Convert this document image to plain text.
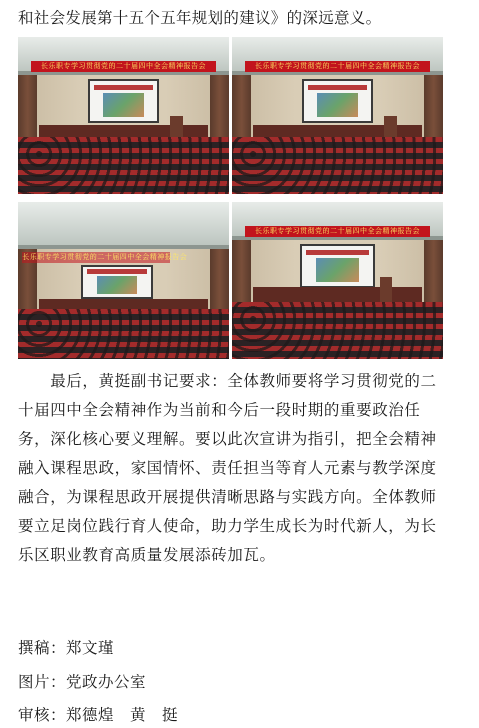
和社会发展第十五个五年规划的建议》的深远意义。
长乐职专学习贯彻党的二十届四中全会精神报告会	长乐职专学习贯彻党的二十届四中全会精神报告会
长乐职专学习贯彻党的二十届四中全会精神报告会
长乐职专学习贯彻党的二十届四中全会精神报告会
　　最后，黄挺副书记要求：全体教师要将学习贯彻党的二
十届四中全会精神作为当前和今后一段时期的重要政治任
务，深化核心要义理解。要以此次宣讲为指引，把全会精神
融入课程思政，家国情怀、责任担当等育人元素与教学深度
融合，为课程思政开展提供清晰思路与实践方向。全体教师
要立足岗位践行育人使命，助力学生成长为时代新人，为长
乐区职业教育高质量发展添砖加瓦。
撰稿：郑文瑾
图片：党政办公室
审核：郑德煌　黄　挺
